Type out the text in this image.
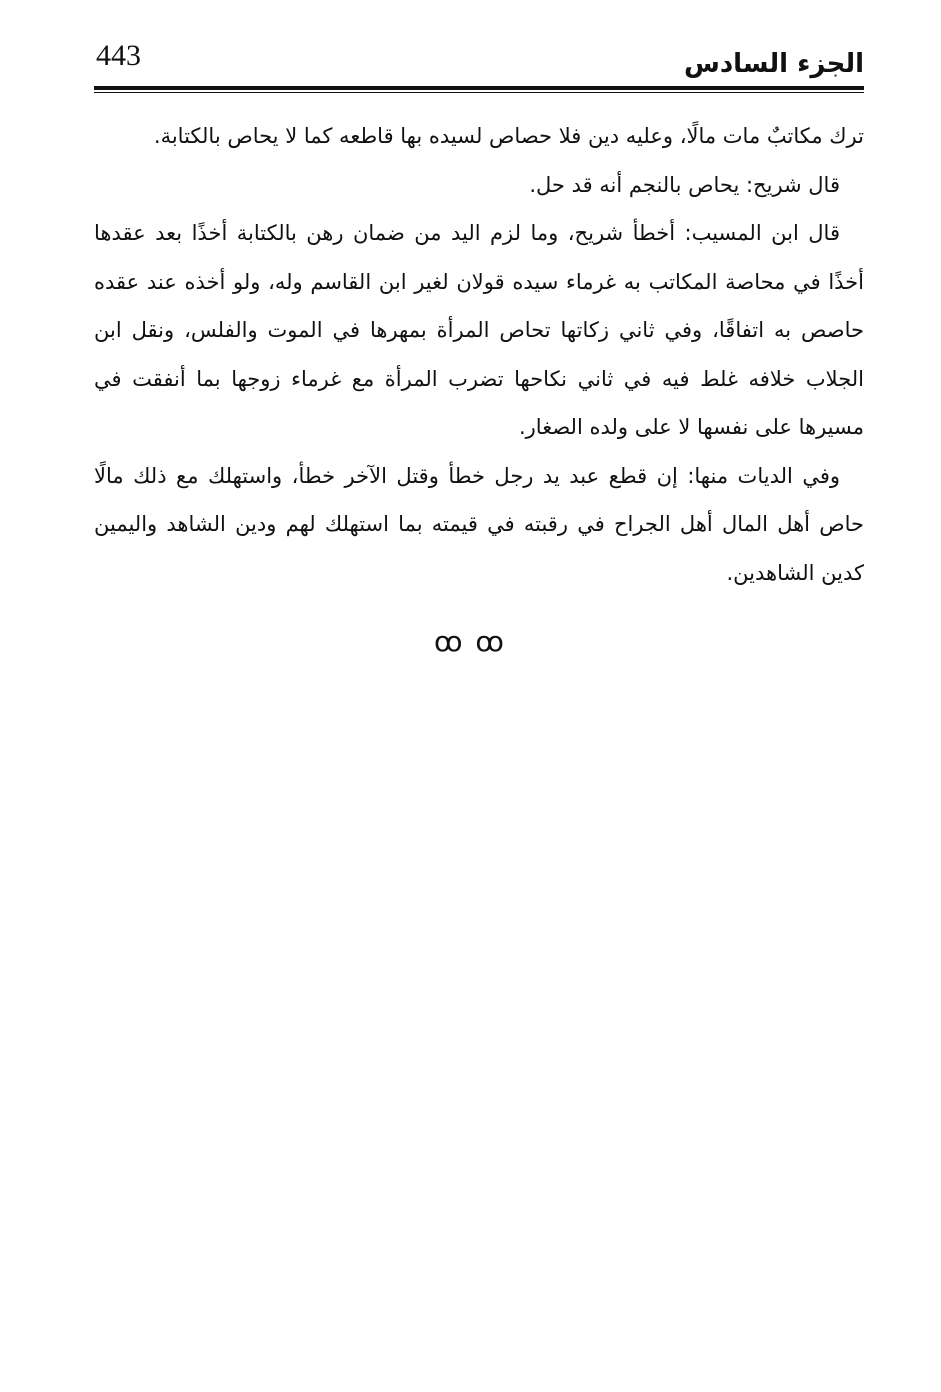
443	الجزء السادس

ترك مكاتبٌ مات مالًا، وعليه دين فلا حصاص لسيده بها قاطعه كما لا يحاص بالكتابة.

قال شريح: يحاص بالنجم أنه قد حل.

قال ابن المسيب: أخطأ شريح، وما لزم اليد من ضمان رهن بالكتابة أخذًا بعد عقدها أخذًا في محاصة المكاتب به غرماء سيده قولان لغير ابن القاسم وله، ولو أخذه عند عقده حاصص به اتفاقًا، وفي ثاني زكاتها تحاص المرأة بمهرها في الموت والفلس، ونقل ابن الجلاب خلافه غلط فيه في ثاني نكاحها تضرب المرأة مع غرماء زوجها بما أنفقت في مسيرها على نفسها لا على ولده الصغار.

وفي الديات منها: إن قطع عبد يد رجل خطأ وقتل الآخر خطأ، واستهلك مع ذلك مالًا حاص أهل المال أهل الجراح في رقبته في قيمته بما استهلك لهم ودين الشاهد واليمين كدين الشاهدين.

ꝏ ꝏ
